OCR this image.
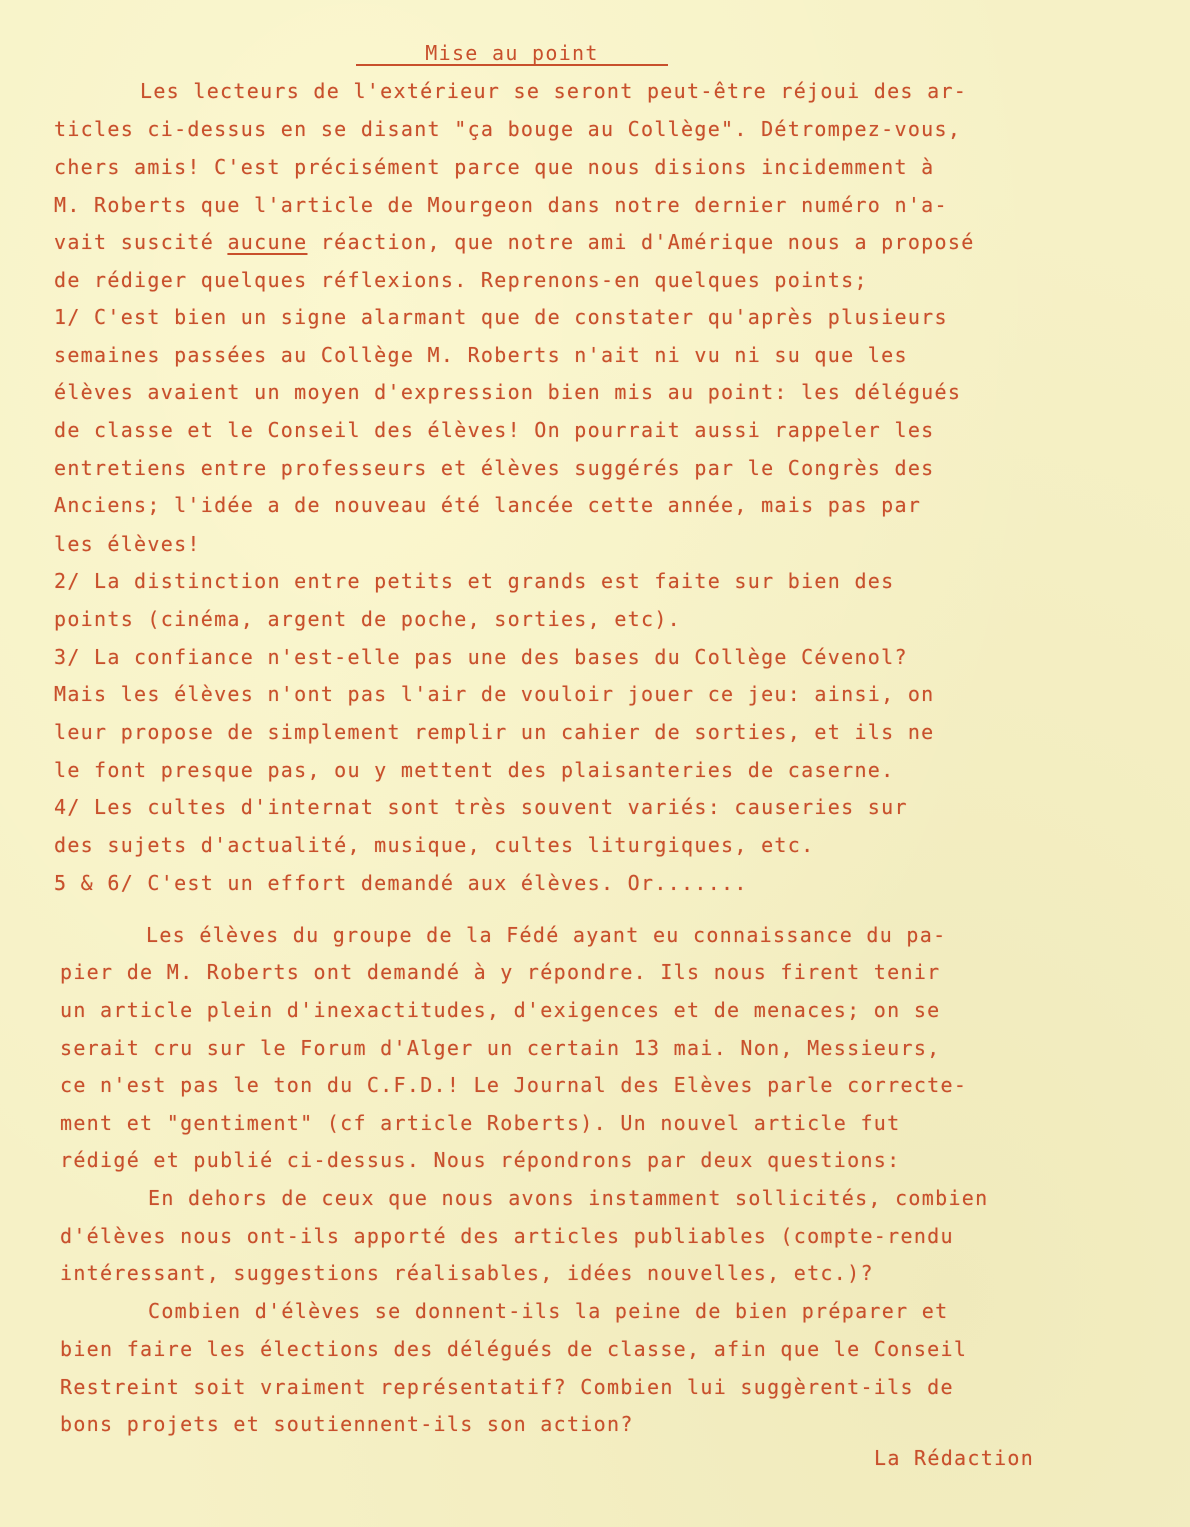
Mise au point
Les lecteurs de l'extérieur se seront peut-être réjoui des ar-
ticles ci-dessus en se disant "ça bouge au Collège". Détrompez-vous,
chers amis! C'est précisément parce que nous disions incidemment à
M. Roberts que l'article de Mourgeon dans notre dernier numéro n'a-
vait suscité aucune réaction, que notre ami d'Amérique nous a proposé
de rédiger quelques réflexions. Reprenons-en quelques points;
1/ C'est bien un signe alarmant que de constater qu'après plusieurs
semaines passées au Collège M. Roberts n'ait ni vu ni su que les
élèves avaient un moyen d'expression bien mis au point: les délégués
de classe et le Conseil des élèves! On pourrait aussi rappeler les
entretiens entre professeurs et élèves suggérés par le Congrès des
Anciens; l'idée a de nouveau été lancée cette année, mais pas par
les élèves!
2/ La distinction entre petits et grands est faite sur bien des
points (cinéma, argent de poche, sorties, etc).
3/ La confiance n'est-elle pas une des bases du Collège Cévenol?
Mais les élèves n'ont pas l'air de vouloir jouer ce jeu: ainsi, on
leur propose de simplement remplir un cahier de sorties, et ils ne
le font presque pas, ou y mettent des plaisanteries de caserne.
4/ Les cultes d'internat sont très souvent variés: causeries sur
des sujets d'actualité, musique, cultes liturgiques, etc.
5 & 6/ C'est un effort demandé aux élèves. Or.......
Les élèves du groupe de la Fédé ayant eu connaissance du pa-
pier de M. Roberts ont demandé à y répondre. Ils nous firent tenir
un article plein d'inexactitudes, d'exigences et de menaces; on se
serait cru sur le Forum d'Alger un certain 13 mai. Non, Messieurs,
ce n'est pas le ton du C.F.D.! Le Journal des Elèves parle correcte-
ment et "gentiment" (cf article Roberts). Un nouvel article fut
rédigé et publié ci-dessus. Nous répondrons par deux questions:
En dehors de ceux que nous avons instamment sollicités, combien
d'élèves nous ont-ils apporté des articles publiables (compte-rendu
intéressant, suggestions réalisables, idées nouvelles, etc.)?
Combien d'élèves se donnent-ils la peine de bien préparer et
bien faire les élections des délégués de classe, afin que le Conseil
Restreint soit vraiment représentatif? Combien lui suggèrent-ils de
bons projets et soutiennent-ils son action?
La Rédaction
